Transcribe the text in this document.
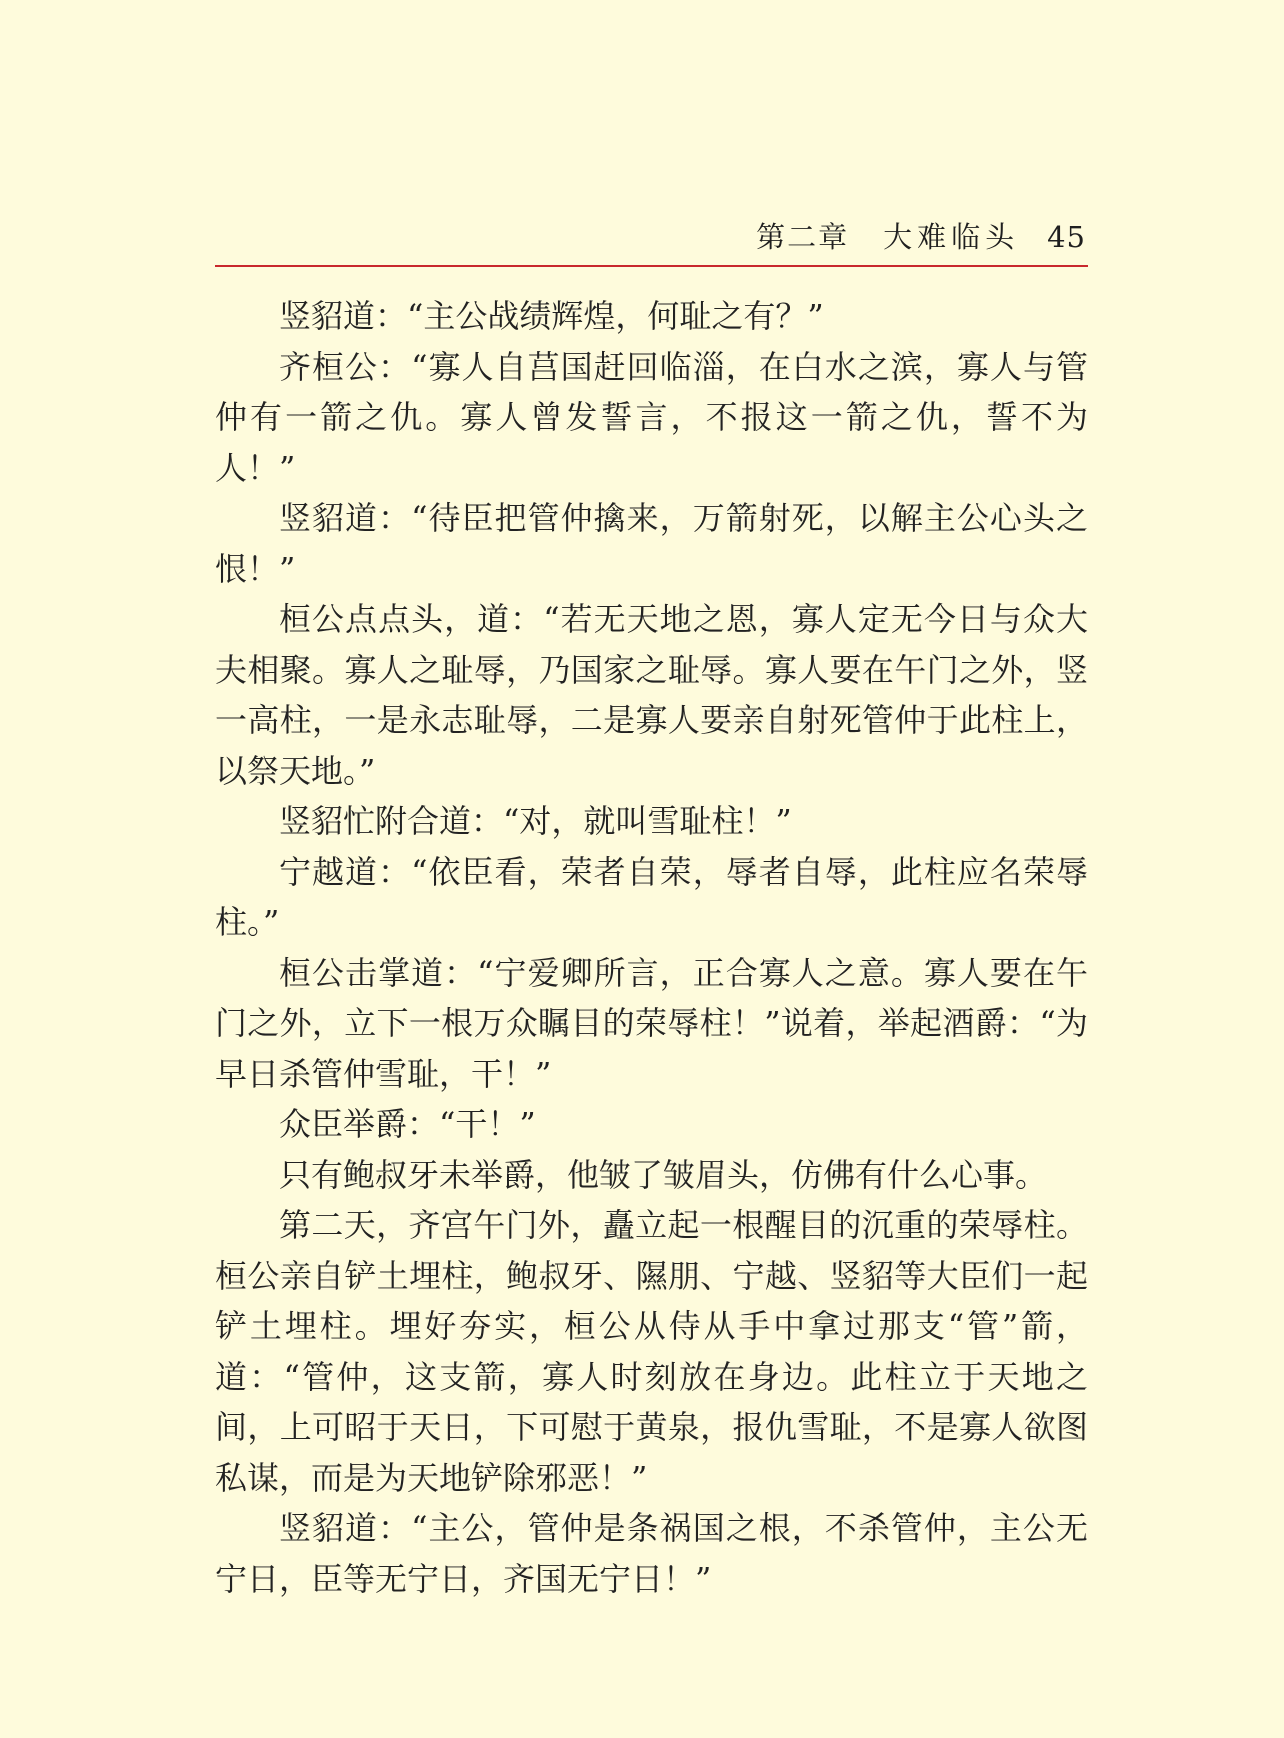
第二章 大难临头 45

竖貂道：“主公战绩辉煌，何耻之有？”

齐桓公：“寡人自莒国赶回临淄，在白水之滨，寡人与管仲有一箭之仇。寡人曾发誓言，不报这一箭之仇，誓不为人！”

竖貂道：“待臣把管仲擒来，万箭射死，以解主公心头之恨！”

桓公点点头，道：“若无天地之恩，寡人定无今日与众大夫相聚。寡人之耻辱，乃国家之耻辱。寡人要在午门之外，竖一高柱，一是永志耻辱，二是寡人要亲自射死管仲于此柱上，以祭天地。”

竖貂忙附合道：“对，就叫雪耻柱！”

宁越道：“依臣看，荣者自荣，辱者自辱，此柱应名荣辱柱。”

桓公击掌道：“宁爱卿所言，正合寡人之意。寡人要在午门之外，立下一根万众瞩目的荣辱柱！”说着，举起酒爵：“为早日杀管仲雪耻，干！”

众臣举爵：“干！”

只有鲍叔牙未举爵，他皱了皱眉头，仿佛有什么心事。

第二天，齐宫午门外，矗立起一根醒目的沉重的荣辱柱。桓公亲自铲土埋柱，鲍叔牙、隰朋、宁越、竖貂等大臣们一起铲土埋柱。埋好夯实，桓公从侍从手中拿过那支“管”箭，道：“管仲，这支箭，寡人时刻放在身边。此柱立于天地之间，上可昭于天日，下可慰于黄泉，报仇雪耻，不是寡人欲图私谋，而是为天地铲除邪恶！”

竖貂道：“主公，管仲是条祸国之根，不杀管仲，主公无宁日，臣等无宁日，齐国无宁日！”
